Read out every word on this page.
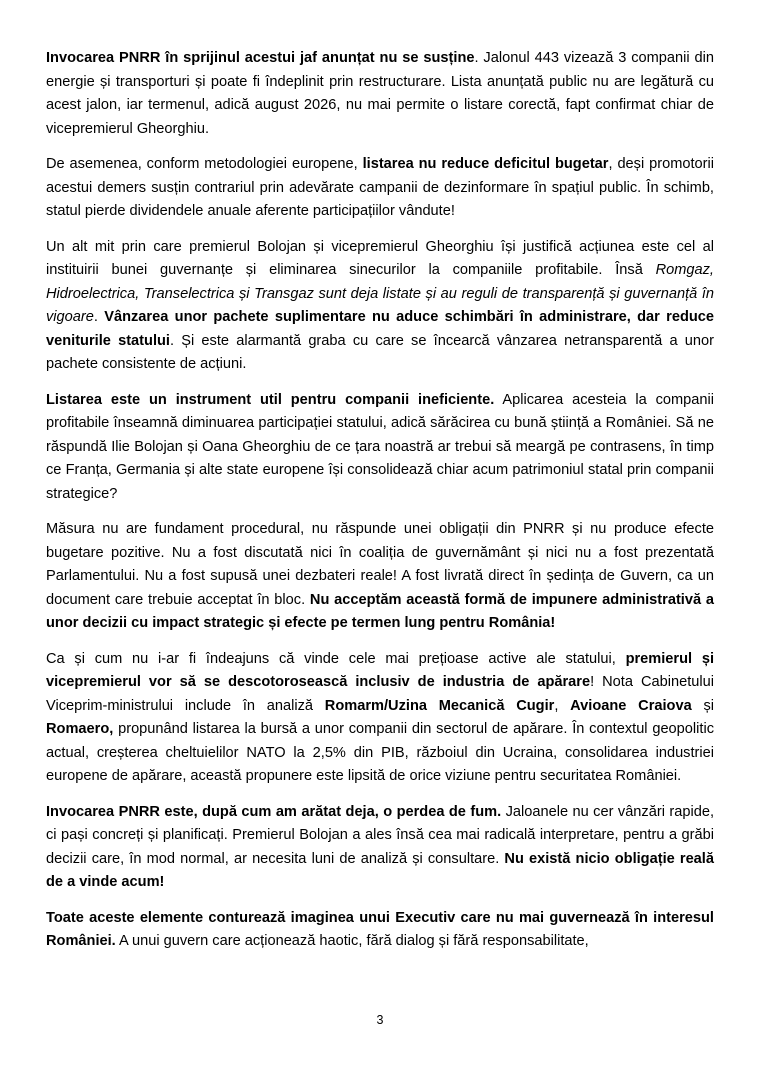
Invocarea PNRR în sprijinul acestui jaf anunțat nu se susține. Jalonul 443 vizează 3 companii din energie și transporturi și poate fi îndeplinit prin restructurare. Lista anunțată public nu are legătură cu acest jalon, iar termenul, adică august 2026, nu mai permite o listare corectă, fapt confirmat chiar de vicepremierul Gheorghiu.

De asemenea, conform metodologiei europene, listarea nu reduce deficitul bugetar, deși promotorii acestui demers susțin contrariul prin adevărate campanii de dezinformare în spațiul public. În schimb, statul pierde dividendele anuale aferente participațiilor vândute!

Un alt mit prin care premierul Bolojan și vicepremierul Gheorghiu își justifică acțiunea este cel al instituirii bunei guvernanțe și eliminarea sinecurilor la companiile profitabile. Însă Romgaz, Hidroelectrica, Transelectrica și Transgaz sunt deja listate și au reguli de transparență și guvernanță în vigoare. Vânzarea unor pachete suplimentare nu aduce schimbări în administrare, dar reduce veniturile statului. Și este alarmantă graba cu care se încearcă vânzarea netransparentă a unor pachete consistente de acțiuni.

Listarea este un instrument util pentru companii ineficiente. Aplicarea acesteia la companii profitabile înseamnă diminuarea participației statului, adică sărăcirea cu bună știință a României. Să ne răspundă Ilie Bolojan și Oana Gheorghiu de ce țara noastră ar trebui să meargă pe contrasens, în timp ce Franța, Germania și alte state europene își consolidează chiar acum patrimoniul statal prin companii strategice?

Măsura nu are fundament procedural, nu răspunde unei obligații din PNRR și nu produce efecte bugetare pozitive. Nu a fost discutată nici în coaliția de guvernământ și nici nu a fost prezentată Parlamentului. Nu a fost supusă unei dezbateri reale! A fost livrată direct în ședința de Guvern, ca un document care trebuie acceptat în bloc. Nu acceptăm această formă de impunere administrativă a unor decizii cu impact strategic și efecte pe termen lung pentru România!

Ca și cum nu i-ar fi îndeajuns că vinde cele mai prețioase active ale statului, premierul și vicepremierul vor să se descotorosească inclusiv de industria de apărare! Nota Cabinetului Viceprim-ministrului include în analiză Romarm/Uzina Mecanică Cugir, Avioane Craiova și Romaero, propunând listarea la bursă a unor companii din sectorul de apărare. În contextul geopolitic actual, creșterea cheltuielilor NATO la 2,5% din PIB, războiul din Ucraina, consolidarea industriei europene de apărare, această propunere este lipsită de orice viziune pentru securitatea României.

Invocarea PNRR este, după cum am arătat deja, o perdea de fum. Jaloanele nu cer vânzări rapide, ci pași concreți și planificați. Premierul Bolojan a ales însă cea mai radicală interpretare, pentru a grăbi decizii care, în mod normal, ar necesita luni de analiză și consultare. Nu există nicio obligație reală de a vinde acum!

Toate aceste elemente conturează imaginea unui Executiv care nu mai guvernează în interesul României. A unui guvern care acționează haotic, fără dialog și fără responsabilitate,

3
